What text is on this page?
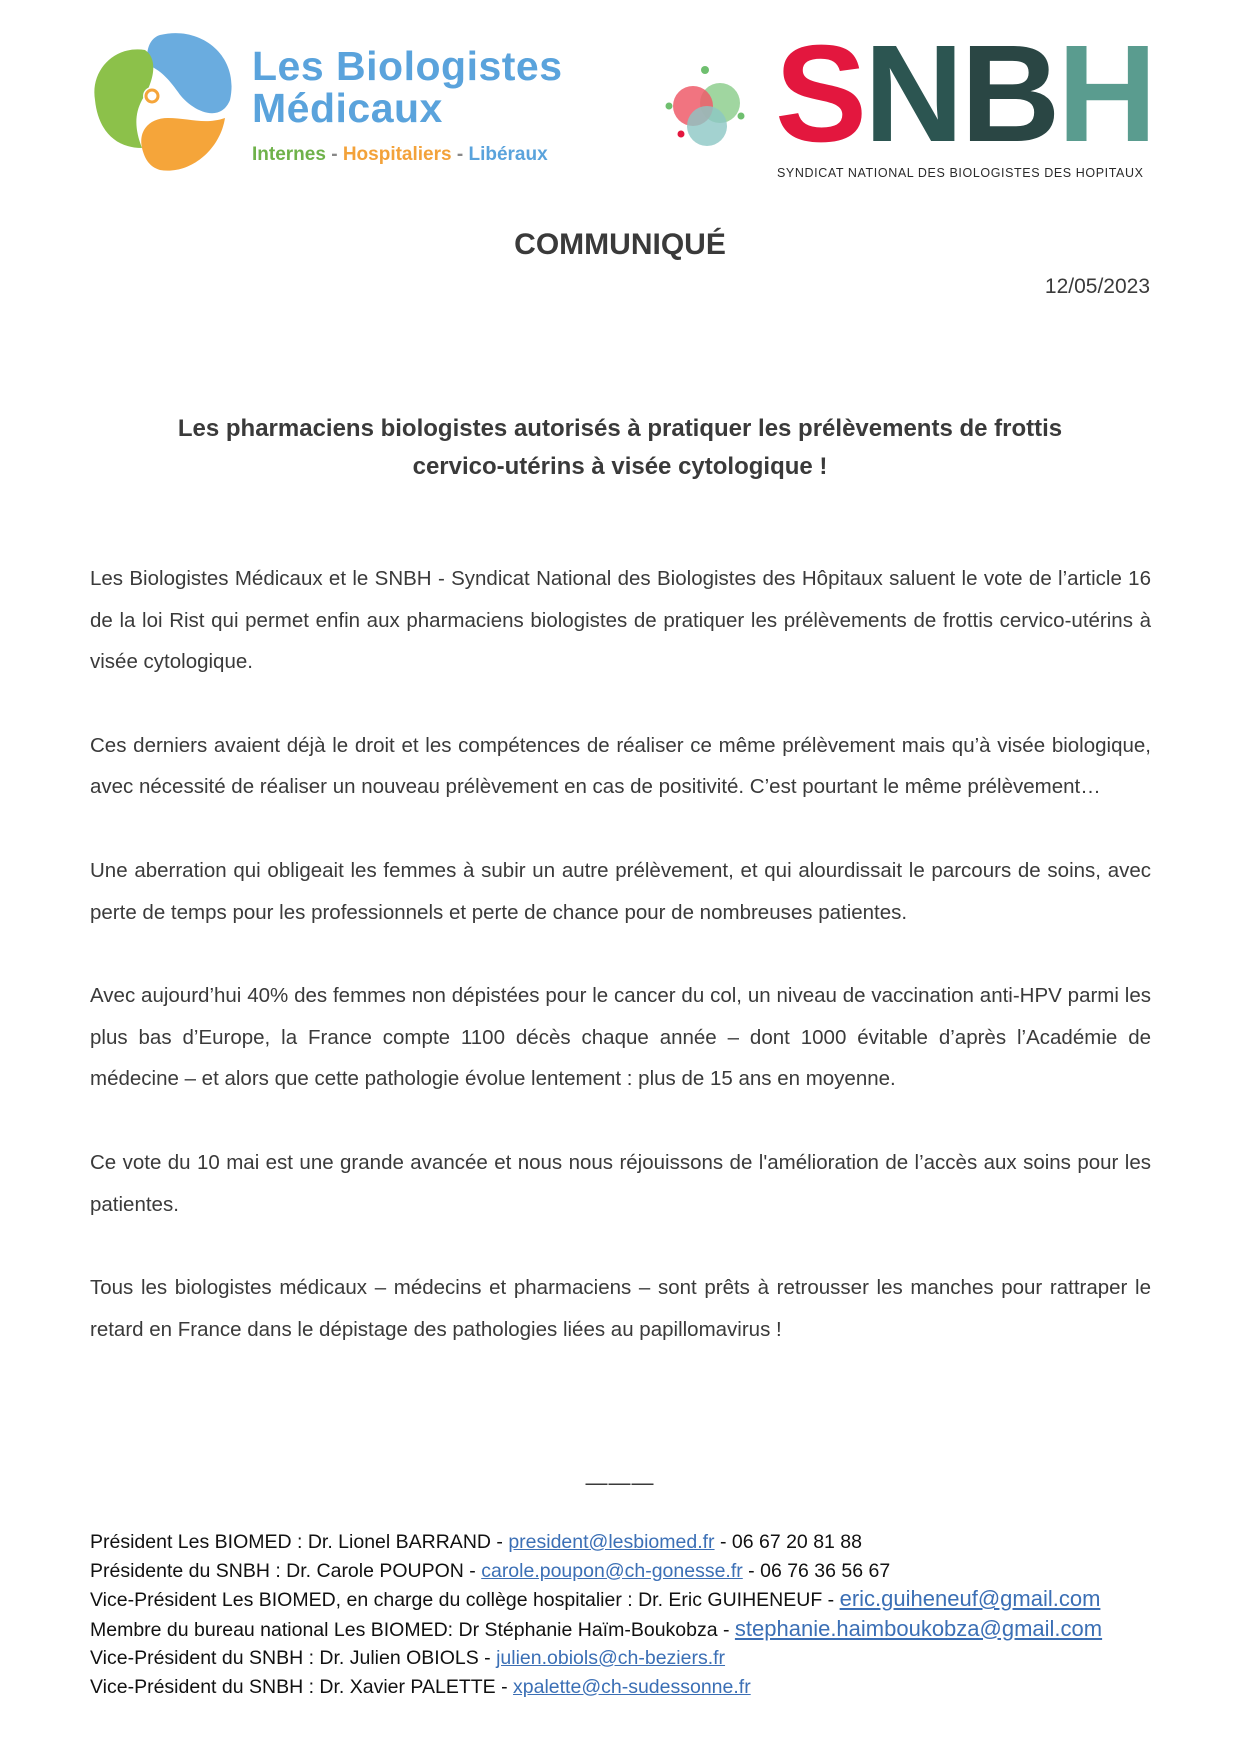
Les Biologistes
Médicaux
Internes - Hospitaliers - Libéraux SNBH
SYNDICAT NATIONAL DES BIOLOGISTES DES HOPITAUX
COMMUNIQUÉ
12/05/2023
Les pharmaciens biologistes autorisés à pratiquer les prélèvements de frottis
cervico-utérins à visée cytologique !

Les Biologistes Médicaux et le SNBH - Syndicat National des Biologistes des Hôpitaux saluent le vote de l’article 16 de la loi Rist qui permet enfin aux pharmaciens biologistes de pratiquer les prélèvements de frottis cervico-utérins à visée cytologique.

Ces derniers avaient déjà le droit et les compétences de réaliser ce même prélèvement mais qu’à visée biologique, avec nécessité de réaliser un nouveau prélèvement en cas de positivité. C’est pourtant le même prélèvement…

Une aberration qui obligeait les femmes à subir un autre prélèvement, et qui alourdissait le parcours de soins, avec perte de temps pour les professionnels et perte de chance pour de nombreuses patientes.

Avec aujourd’hui 40% des femmes non dépistées pour le cancer du col, un niveau de vaccination anti-HPV parmi les plus bas d’Europe, la France compte 1100 décès chaque année – dont 1000 évitable d’après l’Académie de médecine – et alors que cette pathologie évolue lentement : plus de 15 ans en moyenne.

Ce vote du 10 mai est une grande avancée et nous nous réjouissons de l'amélioration de l’accès aux soins pour les patientes.

Tous les biologistes médicaux – médecins et pharmaciens – sont prêts à retrousser les manches pour rattraper le retard en France dans le dépistage des pathologies liées au papillomavirus !

———
Président Les BIOMED : Dr. Lionel BARRAND - president@lesbiomed.fr - 06 67 20 81 88
Présidente du SNBH : Dr. Carole POUPON - carole.poupon@ch-gonesse.fr - 06 76 36 56 67
Vice-Président Les BIOMED, en charge du collège hospitalier : Dr. Eric GUIHENEUF - eric.guiheneuf@gmail.com
Membre du bureau national Les BIOMED: Dr Stéphanie Haïm-Boukobza - stephanie.haimboukobza@gmail.com
Vice-Président du SNBH : Dr. Julien OBIOLS - julien.obiols@ch-beziers.fr
Vice-Président du SNBH : Dr. Xavier PALETTE - xpalette@ch-sudessonne.fr
